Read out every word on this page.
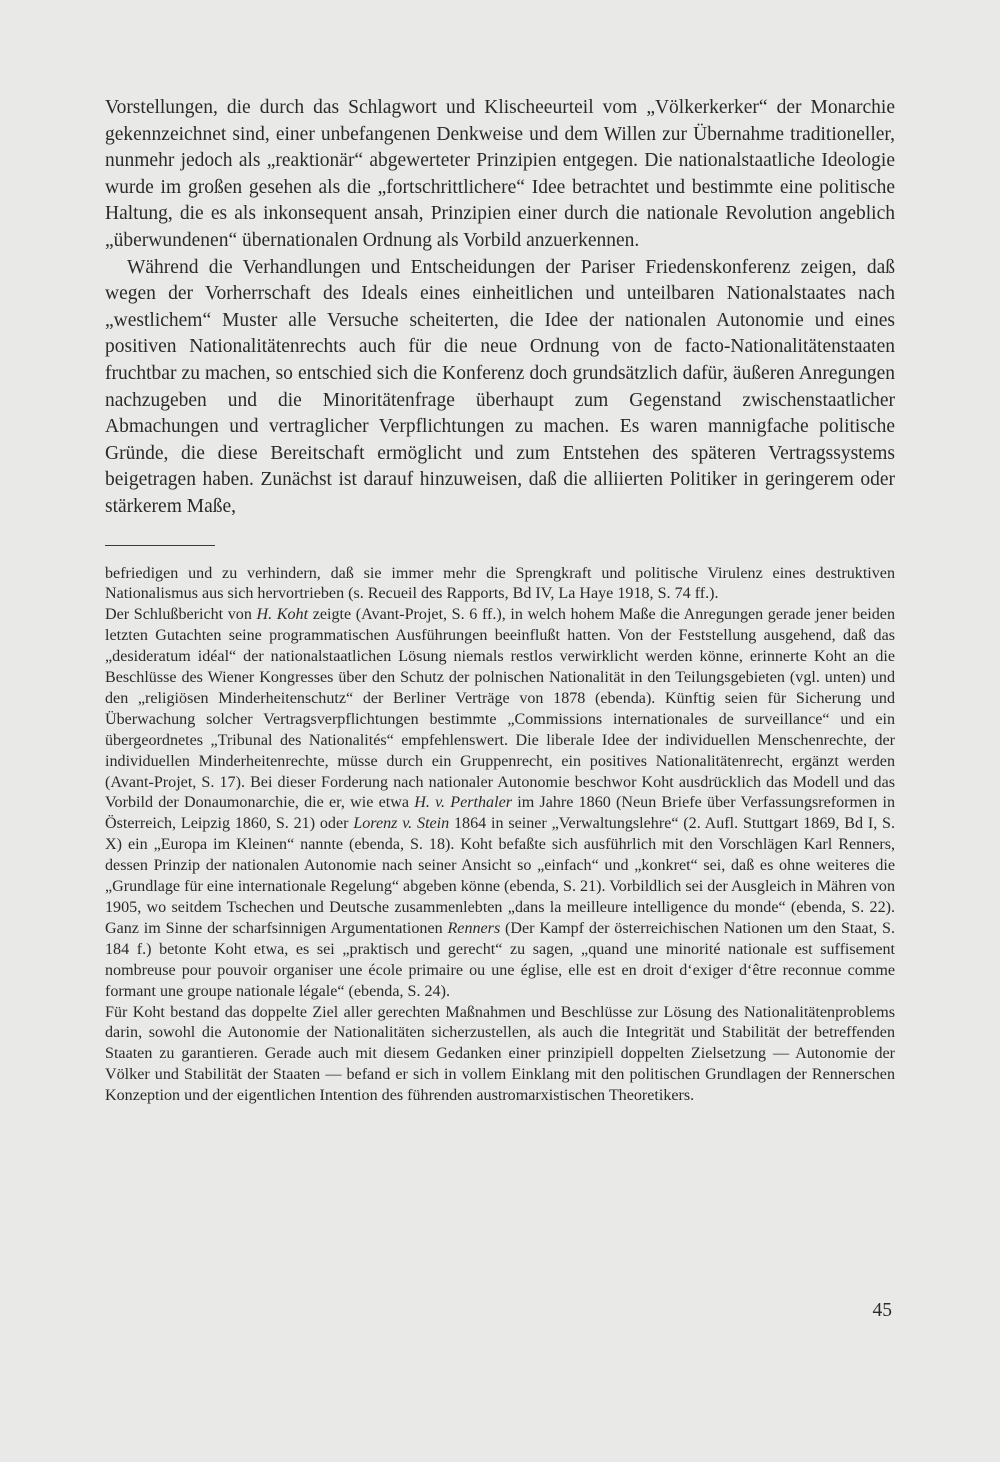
Vorstellungen, die durch das Schlagwort und Klischeeurteil vom „Völkerkerker“ der Monarchie gekennzeichnet sind, einer unbefangenen Denkweise und dem Willen zur Übernahme traditioneller, nunmehr jedoch als „reaktionär“ abgewerteter Prinzipien entgegen. Die nationalstaatliche Ideologie wurde im großen gesehen als die „fortschrittlichere“ Idee betrachtet und bestimmte eine politische Haltung, die es als inkonsequent ansah, Prinzipien einer durch die nationale Revolution angeblich „überwundenen“ übernationalen Ordnung als Vorbild anzuerkennen.

Während die Verhandlungen und Entscheidungen der Pariser Friedenskonferenz zeigen, daß wegen der Vorherrschaft des Ideals eines einheitlichen und unteilbaren Nationalstaates nach „westlichem“ Muster alle Versuche scheiterten, die Idee der nationalen Autonomie und eines positiven Nationalitätenrechts auch für die neue Ordnung von de facto-Nationalitätenstaaten fruchtbar zu machen, so entschied sich die Konferenz doch grundsätzlich dafür, äußeren Anregungen nachzugeben und die Minoritätenfrage überhaupt zum Gegenstand zwischenstaatlicher Abmachungen und vertraglicher Verpflichtungen zu machen. Es waren mannigfache politische Gründe, die diese Bereitschaft ermöglicht und zum Entstehen des späteren Vertragssystems beigetragen haben. Zunächst ist darauf hinzuweisen, daß die alliierten Politiker in geringerem oder stärkerem Maße,

befriedigen und zu verhindern, daß sie immer mehr die Sprengkraft und politische Virulenz eines destruktiven Nationalismus aus sich hervortrieben (s. Recueil des Rapports, Bd IV, La Haye 1918, S. 74 ff.).

Der Schlußbericht von H. Koht zeigte (Avant-Projet, S. 6 ff.), in welch hohem Maße die Anregungen gerade jener beiden letzten Gutachten seine programmatischen Ausführungen beeinflußt hatten. Von der Feststellung ausgehend, daß das „desideratum idéal“ der nationalstaatlichen Lösung niemals restlos verwirklicht werden könne, erinnerte Koht an die Beschlüsse des Wiener Kongresses über den Schutz der polnischen Nationalität in den Teilungsgebieten (vgl. unten) und den „religiösen Minderheitenschutz“ der Berliner Verträge von 1878 (ebenda). Künftig seien für Sicherung und Überwachung solcher Vertragsverpflichtungen bestimmte „Commissions internationales de surveillance“ und ein übergeordnetes „Tribunal des Nationalités“ empfehlenswert. Die liberale Idee der individuellen Menschenrechte, der individuellen Minderheitenrechte, müsse durch ein Gruppenrecht, ein positives Nationalitätenrecht, ergänzt werden (Avant-Projet, S. 17). Bei dieser Forderung nach nationaler Autonomie beschwor Koht ausdrücklich das Modell und das Vorbild der Donaumonarchie, die er, wie etwa H. v. Perthaler im Jahre 1860 (Neun Briefe über Verfassungsreformen in Österreich, Leipzig 1860, S. 21) oder Lorenz v. Stein 1864 in seiner „Verwaltungslehre“ (2. Aufl. Stuttgart 1869, Bd I, S. X) ein „Europa im Kleinen“ nannte (ebenda, S. 18). Koht befaßte sich ausführlich mit den Vorschlägen Karl Renners, dessen Prinzip der nationalen Autonomie nach seiner Ansicht so „einfach“ und „konkret“ sei, daß es ohne weiteres die „Grundlage für eine internationale Regelung“ abgeben könne (ebenda, S. 21). Vorbildlich sei der Ausgleich in Mähren von 1905, wo seitdem Tschechen und Deutsche zusammenlebten „dans la meilleure intelligence du monde“ (ebenda, S. 22). Ganz im Sinne der scharfsinnigen Argumentationen Renners (Der Kampf der österreichischen Nationen um den Staat, S. 184 f.) betonte Koht etwa, es sei „praktisch und gerecht“ zu sagen, „quand une minorité nationale est suffisement nombreuse pour pouvoir organiser une école primaire ou une église, elle est en droit d‘exiger d‘être reconnue comme formant une groupe nationale légale“ (ebenda, S. 24).

Für Koht bestand das doppelte Ziel aller gerechten Maßnahmen und Beschlüsse zur Lösung des Nationalitätenproblems darin, sowohl die Autonomie der Nationalitäten sicherzustellen, als auch die Integrität und Stabilität der betreffenden Staaten zu garantieren. Gerade auch mit diesem Gedanken einer prinzipiell doppelten Zielsetzung — Autonomie der Völker und Stabilität der Staaten — befand er sich in vollem Einklang mit den politischen Grundlagen der Rennerschen Konzeption und der eigentlichen Intention des führenden austromarxistischen Theoretikers.

45
